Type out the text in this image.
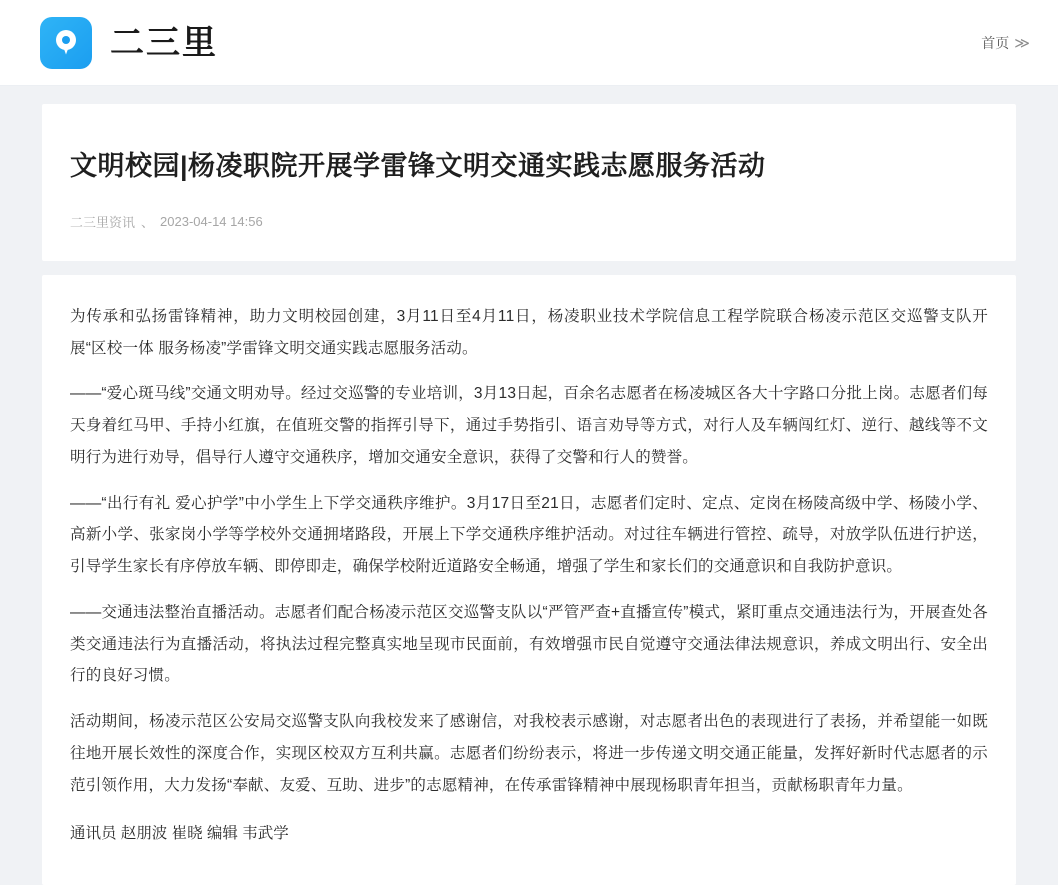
二三里	首页 ≫
文明校园|杨凌职院开展学雷锋文明交通实践志愿服务活动
二三里资讯 、 2023-04-14 14:56

为传承和弘扬雷锋精神，助力文明校园创建，3月11日至4月11日，杨凌职业技术学院信息工程学院联合杨凌示范区交巡警支队开展“区校一体 服务杨凌”学雷锋文明交通实践志愿服务活动。

——“爱心斑马线”交通文明劝导。经过交巡警的专业培训，3月13日起，百余名志愿者在杨凌城区各大十字路口分批上岗。志愿者们每天身着红马甲、手持小红旗，在值班交警的指挥引导下，通过手势指引、语言劝导等方式，对行人及车辆闯红灯、逆行、越线等不文明行为进行劝导，倡导行人遵守交通秩序，增加交通安全意识，获得了交警和行人的赞誉。

——“出行有礼 爱心护学”中小学生上下学交通秩序维护。3月17日至21日，志愿者们定时、定点、定岗在杨陵高级中学、杨陵小学、高新小学、张家岗小学等学校外交通拥堵路段，开展上下学交通秩序维护活动。对过往车辆进行管控、疏导，对放学队伍进行护送，引导学生家长有序停放车辆、即停即走，确保学校附近道路安全畅通，增强了学生和家长们的交通意识和自我防护意识。

——交通违法整治直播活动。志愿者们配合杨凌示范区交巡警支队以“严管严查+直播宣传”模式，紧盯重点交通违法行为，开展查处各类交通违法行为直播活动，将执法过程完整真实地呈现市民面前，有效增强市民自觉遵守交通法律法规意识，养成文明出行、安全出行的良好习惯。

活动期间，杨凌示范区公安局交巡警支队向我校发来了感谢信，对我校表示感谢，对志愿者出色的表现进行了表扬，并希望能一如既往地开展长效性的深度合作，实现区校双方互利共赢。志愿者们纷纷表示，将进一步传递文明交通正能量，发挥好新时代志愿者的示范引领作用，大力发扬“奉献、友爱、互助、进步”的志愿精神，在传承雷锋精神中展现杨职青年担当，贡献杨职青年力量。

通讯员 赵朋波 崔晓 编辑 韦武学
